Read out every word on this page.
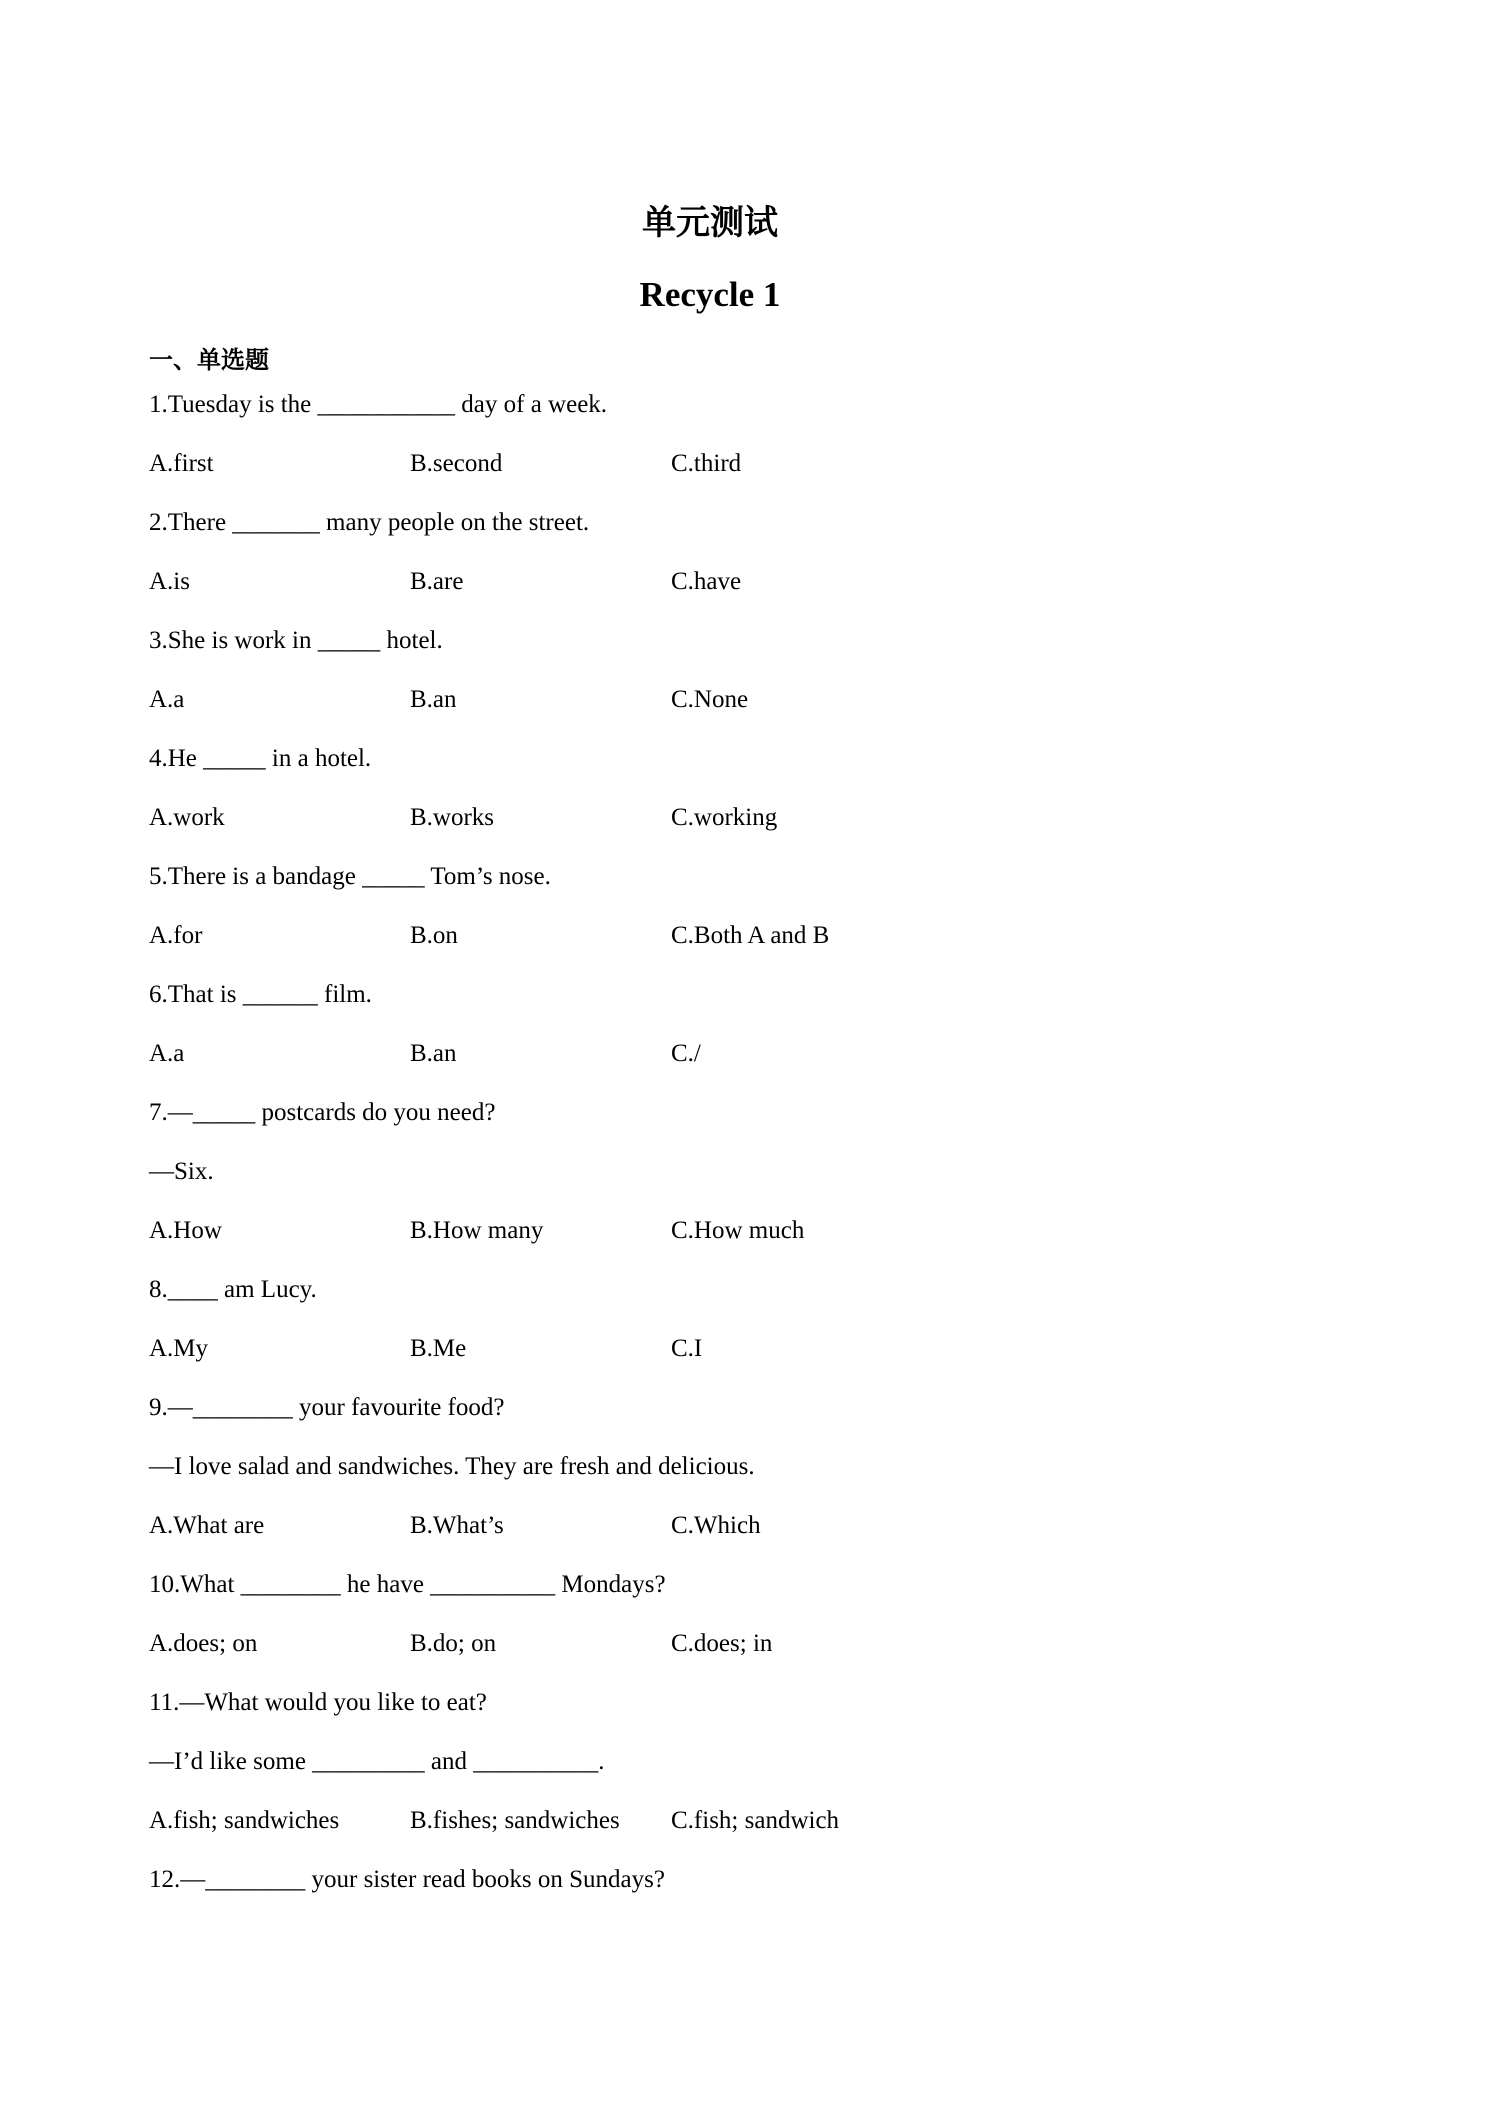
单元测试
Recycle 1
一、单选题
1.Tuesday is the ___________ day of a week.
A.first	B.second	C.third
2.There _______ many people on the street.
A.is	B.are	C.have
3.She is work in _____ hotel.
A.a	B.an	C.None
4.He _____ in a hotel.
A.work	B.works	C.working
5.There is a bandage _____ Tom’s nose.
A.for	B.on	C.Both A and B
6.That is ______ film.
A.a	B.an	C./
7.—_____ postcards do you need?
—Six.
A.How	B.How many	C.How much
8.____ am Lucy.
A.My	B.Me	C.I
9.—________ your favourite food?
—I love salad and sandwiches. They are fresh and delicious.
A.What are	B.What’s	C.Which
10.What ________ he have __________ Mondays?
A.does; on	B.do; on	C.does; in
11.—What would you like to eat?
—I’d like some _________ and __________.
A.fish; sandwiches	B.fishes; sandwiches C.fish; sandwich
12.—________ your sister read books on Sundays?
